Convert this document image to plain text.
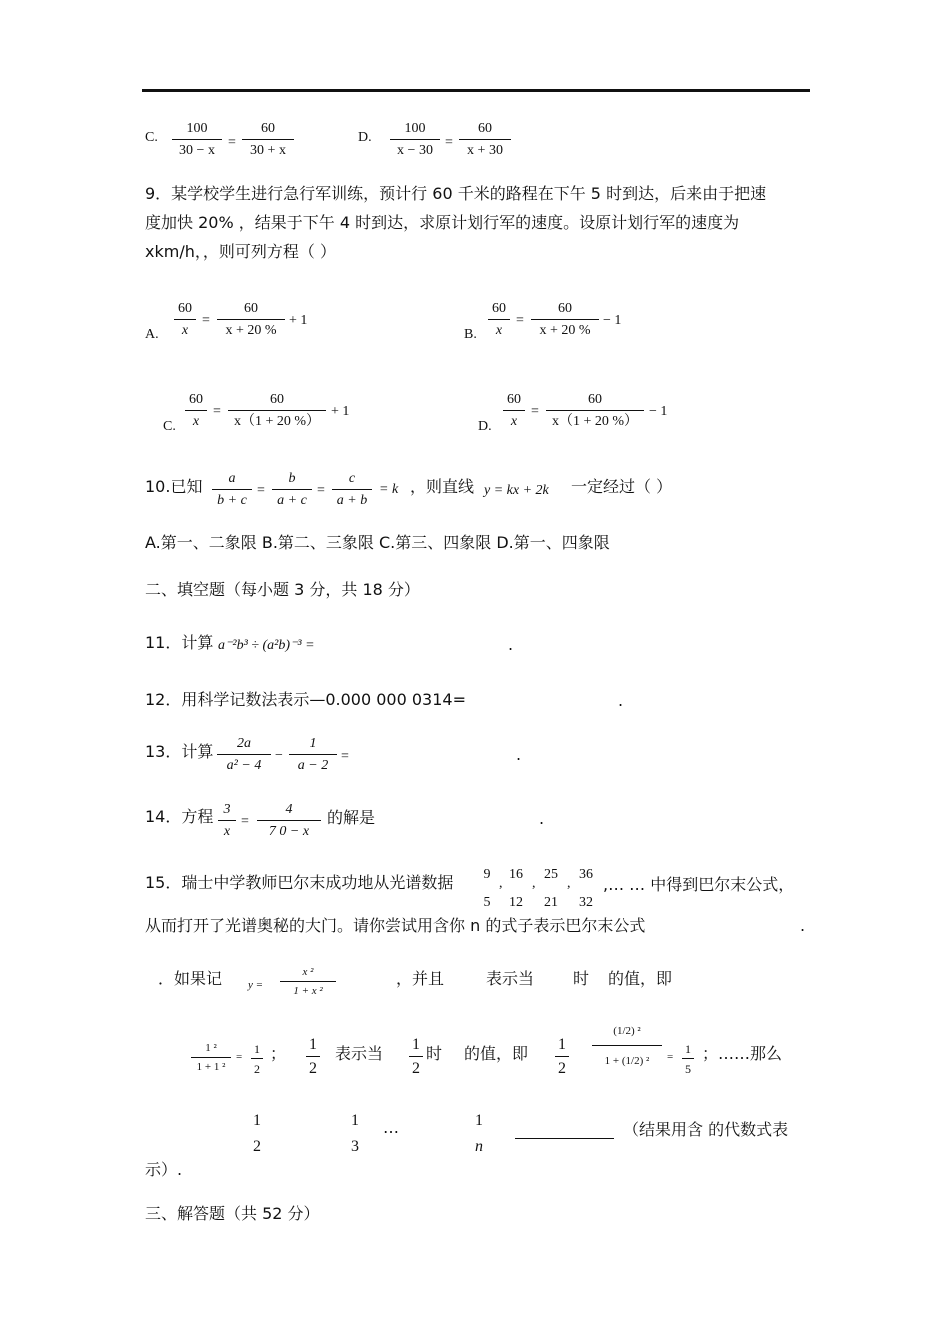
C. $\frac{100}{30 - x} = \frac{60}{30 + x}$	D. $\frac{100}{x - 30} = \frac{60}{x + 30}$
9．某学校学生进行急行军训练，预计行 60 千米的路程在下午 5 时到达，后来由于把速
度加快 20% ，结果于下午 4 时到达，求原计划行军的速度。设原计划行军的速度为
xkm/h，，则可列方程（ ）
A. $\frac{60}{x} = \frac{60}{x + 20 \%} + 1$
B. $\frac{60}{x} = \frac{60}{x + 20 \%} - 1$
C. $\frac{60}{x} = \frac{60}{x(1 + 20 \%)} + 1$
D. $\frac{60}{x} = \frac{60}{x(1 + 20 \%)} - 1$
10.已知 $\frac{a}{b + c} = \frac{b}{a + c} = \frac{c}{a + b} = k$ ，则直线 y = kx + 2k 一定经过（ ）
A.第一、二象限 B.第二、三象限 C.第三、四象限 D.第一、四象限
二、填空题（每小题 3 分，共 18 分）
11．计算 a⁻²b³ ÷ (a²b)⁻³ =	.
12．用科学记数法表示—0.000 000 0314=	.
13．计算 $\frac{2a}{\text{a² − 4}} - \frac{1}{a - 2}$ =	.
14．方程 $\frac{3}{x} = \frac{4}{7 0 - x}$ 的解是	.
15．瑞士中学教师巴尔末成功地从光谱数据 9
5
,
16
12
,
25
21
,
36
32
,… … 中得到巴尔末公式，
从而打开了光谱奥秘的大门。请你尝试用含你 n 的式子表示巴尔末公式	.
．如果记 $y = \frac{\text{x ²}}{\text{1 + x ²}}$	，并且	表示当 时 的值，即
$\frac{\text{1 ²}}{\text{1 + 1 ²}} = \frac{1}{2}$ ； $\frac{1}{2}$ 表示当 $\frac{1}{2}$ 时 的值，即 $\frac{1}{2} \frac{\text{(1/2) ²}}{\text{1 + (1/2) ²}} = \frac{1}{5}$ ；……那么
1
2
1
3
…	1
n
（结果用含 的代数式表
示）.
三、解答题（共 52 分）
